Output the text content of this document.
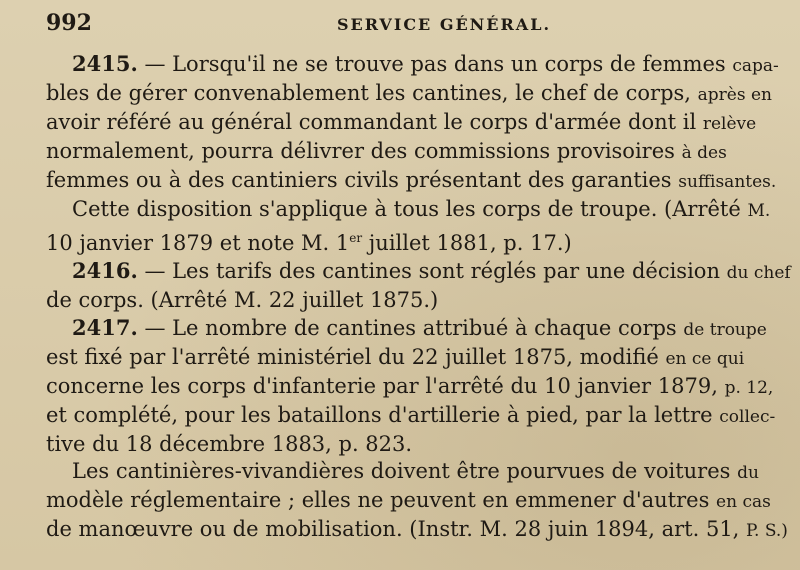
992	SERVICE GÉNÉRAL.
2415. — Lorsqu'il ne se trouve pas dans un corps de femmes capa-
bles de gérer convenablement les cantines, le chef de corps, après en
avoir référé au général commandant le corps d'armée dont il relève
normalement, pourra délivrer des commissions provisoires à des
femmes ou à des cantiniers civils présentant des garanties suffisantes.
Cette disposition s'applique à tous les corps de troupe. (Arrêté M.
10 janvier 1879 et note M. 1er juillet 1881, p. 17.)
2416. — Les tarifs des cantines sont réglés par une décision du chef
de corps. (Arrêté M. 22 juillet 1875.)
2417. — Le nombre de cantines attribué à chaque corps de troupe
est fixé par l'arrêté ministériel du 22 juillet 1875, modifié en ce qui
concerne les corps d'infanterie par l'arrêté du 10 janvier 1879, p. 12,
et complété, pour les bataillons d'artillerie à pied, par la lettre collec-
tive du 18 décembre 1883, p. 823.
Les cantinières-vivandières doivent être pourvues de voitures du
modèle réglementaire ; elles ne peuvent en emmener d'autres en cas
de manœuvre ou de mobilisation. (Instr. M. 28 juin 1894, art. 51, P. S.)
